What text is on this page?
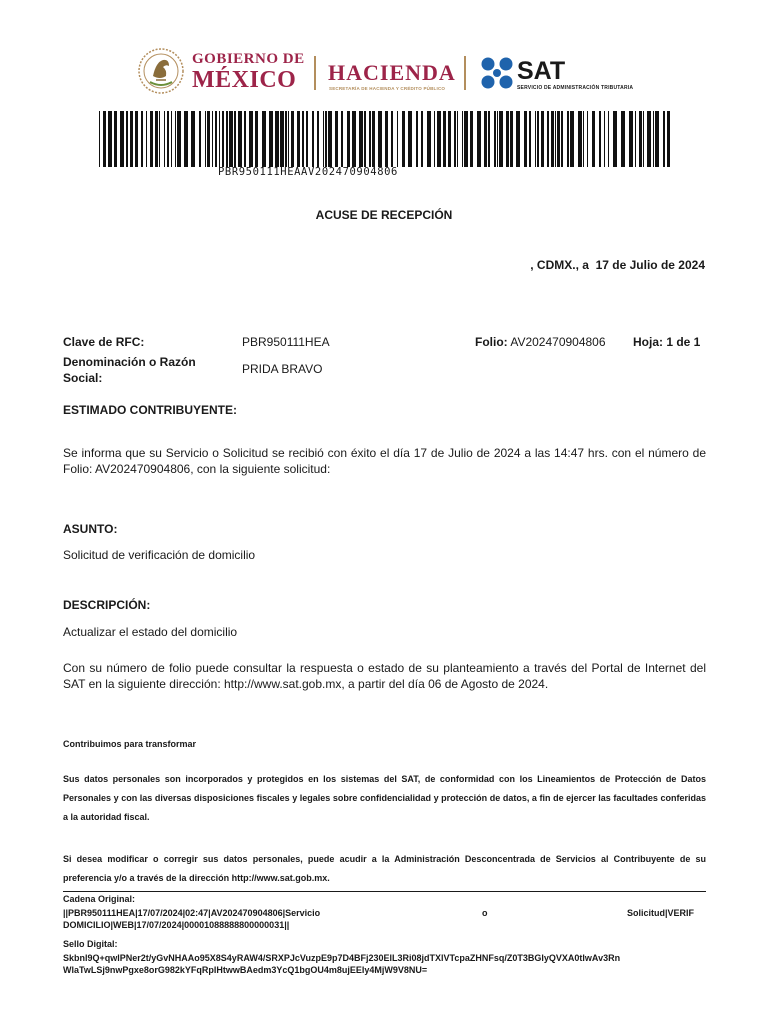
GOBIERNO DE
MÉXICO HACIENDA
SECRETARÍA DE HACIENDA Y CRÉDITO PÚBLICO
SAT
SERVICIO DE ADMINISTRACIÓN TRIBUTARIA
PBR950111HEAAV202470904806
ACUSE DE RECEPCIÓN
, CDMX., a  17 de Julio de 2024
Clave de RFC:	PBR950111HEA	Folio: AV202470904806 Hoja: 1 de 1
Denominación o Razón
Social:
PRIDA BRAVO
ESTIMADO CONTRIBUYENTE:
Se informa que su Servicio o Solicitud se recibió con éxito el día 17 de Julio de 2024 a las 14:47 hrs. con el número de Folio: AV202470904806, con la siguiente solicitud:
ASUNTO:
Solicitud de verificación de domicilio
DESCRIPCIÓN:
Actualizar el estado del domicilio
Con su número de folio puede consultar la respuesta o estado de su planteamiento a través del Portal de Internet del SAT en la siguiente dirección: http://www.sat.gob.mx, a partir del día 06 de Agosto de 2024.
Contribuimos para transformar
Sus datos personales son incorporados y protegidos en los sistemas del SAT, de conformidad con los Lineamientos de Protección de Datos Personales y con las diversas disposiciones fiscales y legales sobre confidencialidad y protección de datos, a fin de ejercer las facultades conferidas a la autoridad fiscal.
Si desea modificar o corregir sus datos personales, puede acudir a la Administración Desconcentrada de Servicios al Contribuyente de su preferencia y/o a través de la dirección http://www.sat.gob.mx.
Cadena Original:
||PBR950111HEA|17/07/2024|02:47|AV202470904806|Servicio	o	Solicitud|VERIF
DOMICILIO|WEB|17/07/2024|00001088888800000031||
Sello Digital:
Skbnl9Q+qwlPNer2t/yGvNHAAo95X8S4yRAW4/SRXPJcVuzpE9p7D4BFj230ElL3Ri08jdTXlVTcpaZHNFsq/Z0T3BGlyQVXA0tlwAv3Rn
WlaTwLSj9nwPgxe8orG982kYFqRplHtwwBAedm3YcQ1bgOU4m8ujEEly4MjW9V8NU=
